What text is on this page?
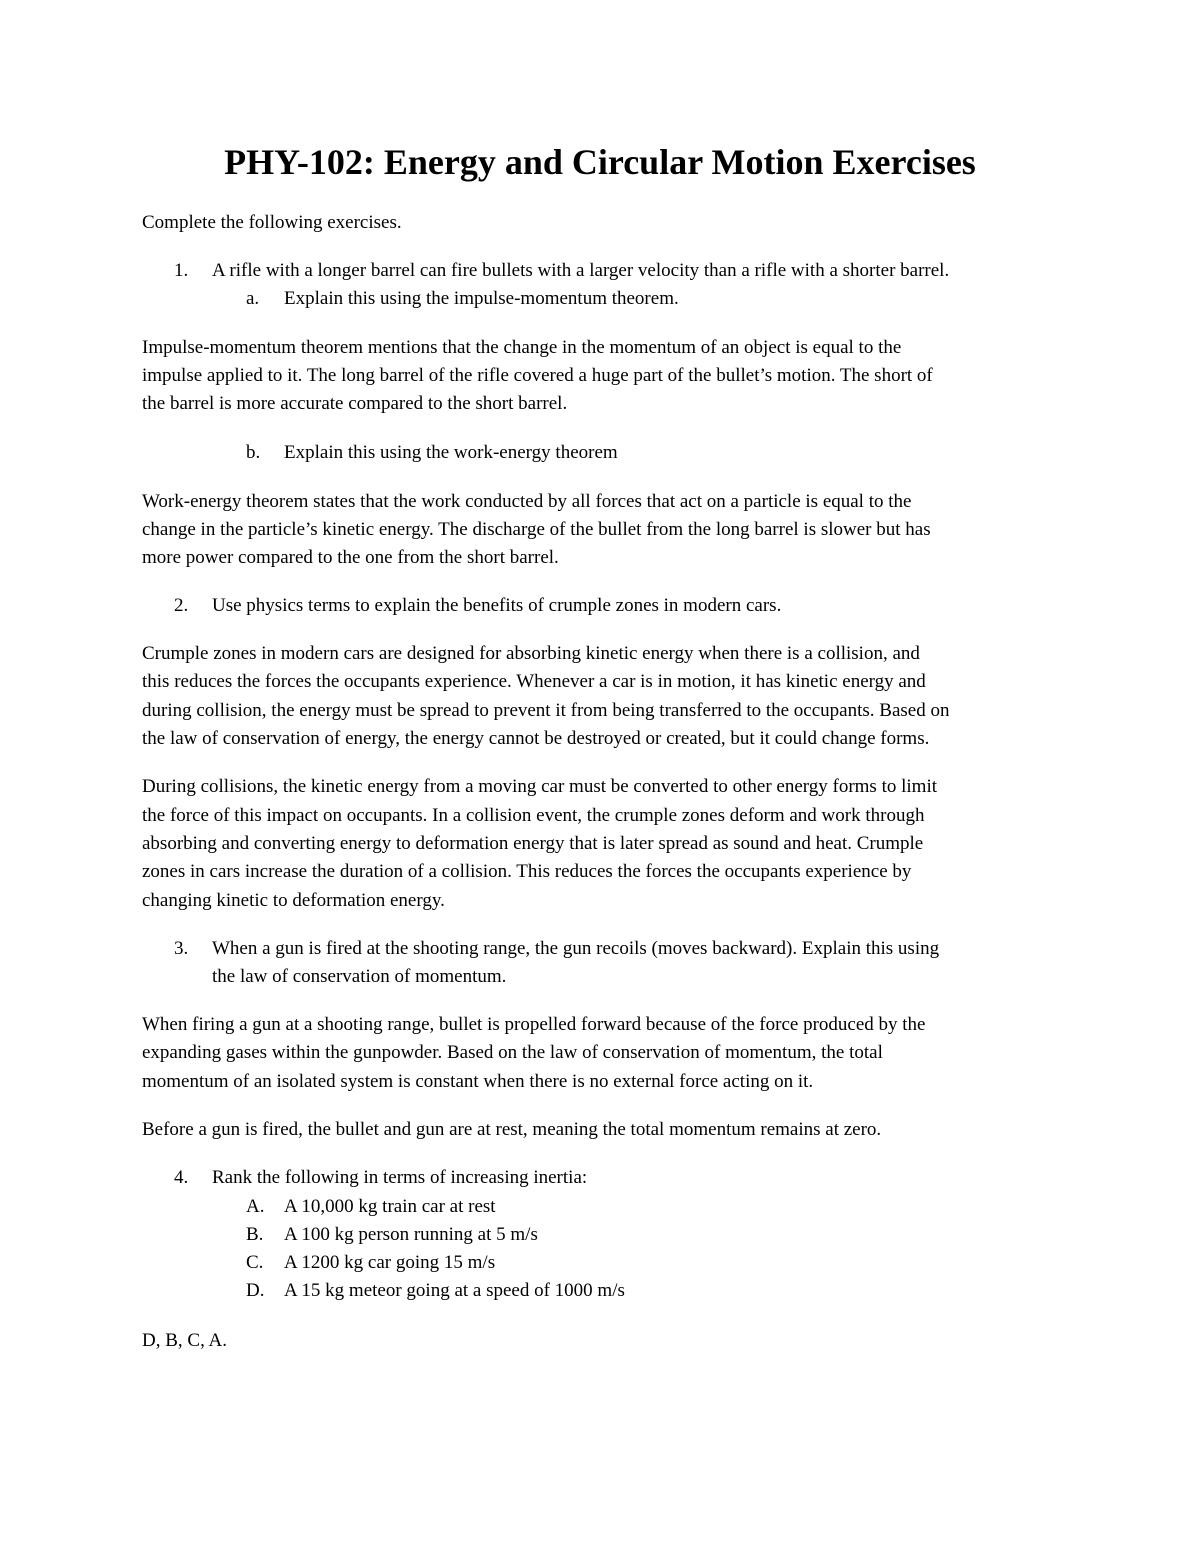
PHY-102: Energy and Circular Motion Exercises
Complete the following exercises.
1. A rifle with a longer barrel can fire bullets with a larger velocity than a rifle with a shorter barrel.
a. Explain this using the impulse-momentum theorem.
Impulse-momentum theorem mentions that the change in the momentum of an object is equal to the
impulse applied to it. The long barrel of the rifle covered a huge part of the bullet’s motion. The short of
the barrel is more accurate compared to the short barrel.
b. Explain this using the work-energy theorem
Work-energy theorem states that the work conducted by all forces that act on a particle is equal to the
change in the particle’s kinetic energy. The discharge of the bullet from the long barrel is slower but has
more power compared to the one from the short barrel.
2. Use physics terms to explain the benefits of crumple zones in modern cars.
Crumple zones in modern cars are designed for absorbing kinetic energy when there is a collision, and
this reduces the forces the occupants experience. Whenever a car is in motion, it has kinetic energy and
during collision, the energy must be spread to prevent it from being transferred to the occupants. Based on
the law of conservation of energy, the energy cannot be destroyed or created, but it could change forms.
During collisions, the kinetic energy from a moving car must be converted to other energy forms to limit
the force of this impact on occupants. In a collision event, the crumple zones deform and work through
absorbing and converting energy to deformation energy that is later spread as sound and heat. Crumple
zones in cars increase the duration of a collision. This reduces the forces the occupants experience by
changing kinetic to deformation energy.
3. When a gun is fired at the shooting range, the gun recoils (moves backward). Explain this using
the law of conservation of momentum.
When firing a gun at a shooting range, bullet is propelled forward because of the force produced by the
expanding gases within the gunpowder. Based on the law of conservation of momentum, the total
momentum of an isolated system is constant when there is no external force acting on it.
Before a gun is fired, the bullet and gun are at rest, meaning the total momentum remains at zero.
4. Rank the following in terms of increasing inertia:
A. A 10,000 kg train car at rest
B. A 100 kg person running at 5 m/s
C. A 1200 kg car going 15 m/s
D. A 15 kg meteor going at a speed of 1000 m/s
D, B, C, A.
